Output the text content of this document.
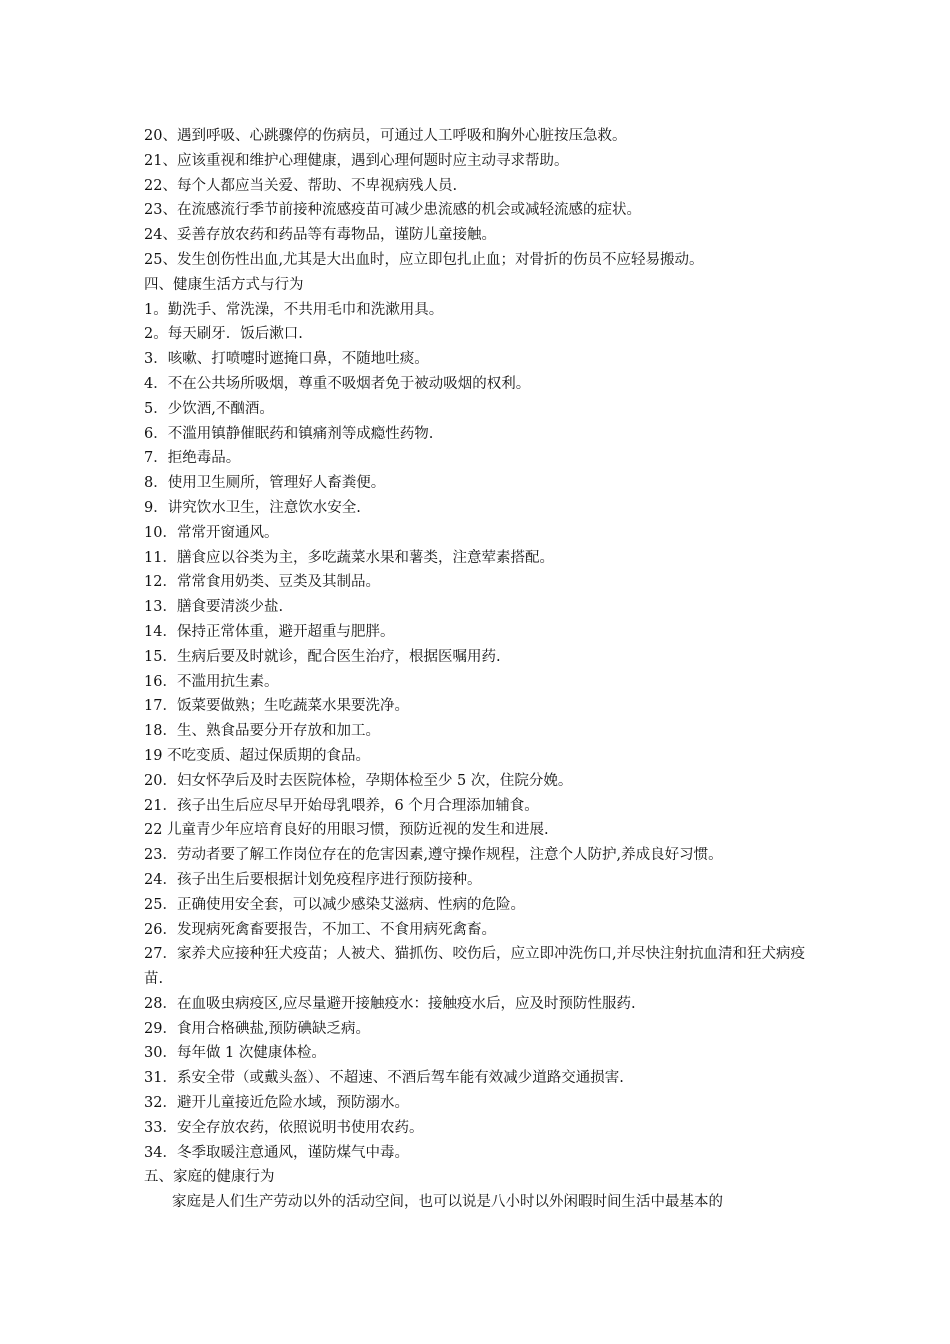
20、遇到呼吸、心跳骤停的伤病员，可通过人工呼吸和胸外心脏按压急救。
21、应该重视和维护心理健康，遇到心理何题时应主动寻求帮助。
22、每个人都应当关爱、帮助、不卑视病残人员.
23、在流感流行季节前接种流感疫苗可减少患流感的机会或减轻流感的症状。
24、妥善存放农药和药品等有毒物品，谨防儿童接触。
25、发生创伤性出血,尤其是大出血时，应立即包扎止血；对骨折的伤员不应轻易搬动。
四、健康生活方式与行为
1。勤洗手、常洗澡，不共用毛巾和洗漱用具。
2。每天刷牙．饭后漱口.
3．咳嗽、打喷嚏时遮掩口鼻，不随地吐痰。
4．不在公共场所吸烟，尊重不吸烟者免于被动吸烟的权利。
5．少饮酒,不酗酒。
6．不滥用镇静催眠药和镇痛剂等成瘾性药物.
7．拒绝毒品。
8．使用卫生厕所，管理好人畜粪便。
9．讲究饮水卫生，注意饮水安全.
10．常常开窗通风。
11．膳食应以谷类为主，多吃蔬菜水果和薯类，注意荤素搭配。
12．常常食用奶类、豆类及其制品。
13．膳食要清淡少盐.
14．保持正常体重，避开超重与肥胖。
15．生病后要及时就诊，配合医生治疗，根据医嘱用药.
16．不滥用抗生素。
17．饭菜要做熟；生吃蔬菜水果要洗净。
18．生、熟食品要分开存放和加工。
19 不吃变质、超过保质期的食品。
20．妇女怀孕后及时去医院体检，孕期体检至少 5 次，住院分娩。
21．孩子出生后应尽早开始母乳喂养，6 个月合理添加辅食。
22 儿童青少年应培育良好的用眼习惯，预防近视的发生和进展.
23．劳动者要了解工作岗位存在的危害因素,遵守操作规程，注意个人防护,养成良好习惯。
24．孩子出生后要根据计划免疫程序进行预防接种。
25．正确使用安全套，可以减少感染艾滋病、性病的危险。
26．发现病死禽畜要报告，不加工、不食用病死禽畜。
27．家养犬应接种狂犬疫苗；人被犬、猫抓伤、咬伤后，应立即冲洗伤口,并尽快注射抗血清和狂犬病疫苗.
28．在血吸虫病疫区,应尽量避开接触疫水：接触疫水后，应及时预防性服药.
29．食用合格碘盐,预防碘缺乏病。
30．每年做 1 次健康体检。
31．系安全带（或戴头盔）、不超速、不酒后驾车能有效减少道路交通损害.
32．避开儿童接近危险水域，预防溺水。
33．安全存放农药，依照说明书使用农药。
34．冬季取暖注意通风，谨防煤气中毒。
五、家庭的健康行为
家庭是人们生产劳动以外的活动空间，也可以说是八小时以外闲暇时间生活中最基本的
